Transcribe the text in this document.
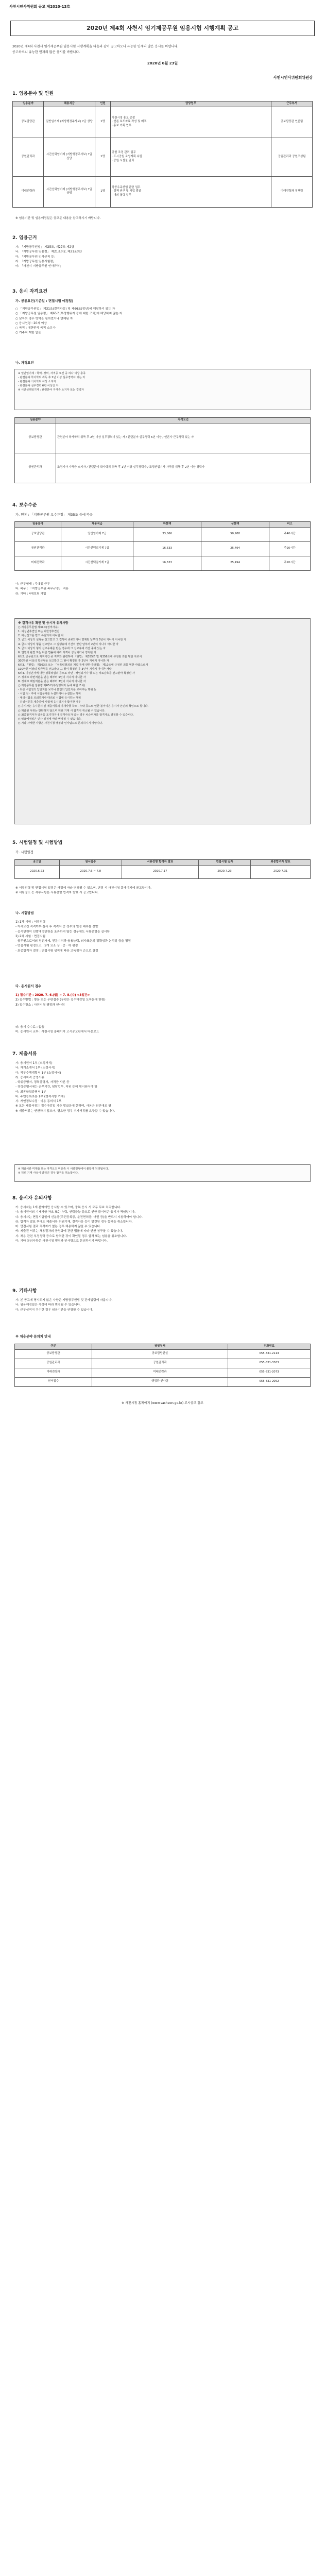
사천시인사위원회 공고 제2020-13호
2020년 제4회 사천시 임기제공무원 임용시험 시행계획 공고
2020년 제4회 사천시 임기제공무원 임용시험 시행계획을 다음과 같이 공고하오니 유능한 인재의 많은 응시를 바랍니다.
공고하오니 유능한 인재의 많은 응시를 바랍니다.
2020년 6월 23일
사천시인사위원회위원장
1. 임용분야 및 인원
임용분야	채용직급	인원	담당업무	근무부서
공보담당관	일반임기제 (지방행정주사보) 7급 상당	1명	사천시정 홍보 총괄
· 언론 보도자료 작성 및 배포
· 홍보 기획 업무	공보담당관 언론팀
공원관리과	시간선택임기제 (지방행정주사보) 7급 상당	1명	공원 조경 관리 업무
· 도시공원 조성계획 수립
· 공원 시설물 관리	공원관리과 공원조성팀
미래전략과	시간선택임기제 (지방행정주사보) 7급 상당	1명	항공우주산업 관련 업무
· 정책 연구 및 사업 발굴
· 대외 협력 업무	미래전략과 정책팀
※ 임용기간 및 임용예정일은 공고문 내용을 참고하시기 바랍니다.
2. 임용근거
가. 「지방공무원법」 제25조, 제27조 제2항
나. 「지방공무원 임용령」 제21조의2, 제21조의3
다. 「지방공무원 인사규칙 등」
라. 「지방공무원 임용시험령」
마. 「사천시 지방공무원 인사규칙」
3. 응시 자격요건
가. 공통요건(기준일 : 면접시험 예정일)
○ 「지방공무원법」 제31조(결격사유) 및 제66조(정년)에 해당하지 않는 자
○ 「지방공무원 임용령」 제65조(부정행위자 등에 대한 조치)에 해당하지 않는 자
○ 남자의 경우 병역을 필하였거나 면제된 자
○ 응시연령 : 20세 이상
○ 국적 : 대한민국 국적 소유자
○ 거주지 제한 없음
나. 자격요건
※ 일반임기제 : 학력, 경력, 자격증 요건 중 하나 이상 충족
- 관련분야 학사학위 취득 후 2년 이상 실무경력이 있는 자
- 관련분야 석사학위 이상 소지자
- 관련분야 실무경력 6년 이상인 자
※ 시간선택임기제 : 관련분야 자격증 소지자 또는 경력자
임용분야	자격요건
공보담당관	관련분야 학사학위 취득 후 2년 이상 실무경력이 있는 자 / 관련분야 실무경력 6년 이상 / 언론사 근무경력 있는 자
공원관리과	조경기사 자격증 소지자 / 관련분야 학사학위 취득 후 1년 이상 실무경력자 / 조경산업기사 자격증 취득 후 2년 이상 경력자
4. 보수수준
가. 연봉 : 「지방공무원 보수규정」 제35조 등에 따름
임용분야	채용직급	하한액	상한액	비고
공보담당관	일반임기제 7급	33,066	50,988	주40시간
공원관리과	시간선택임기제 7급	16,533	25,494	주20시간
미래전략과	시간선택임기제 7급	16,533	25,494	주20시간
나. 근무형태 : 주 5일 근무
다. 복무 : 「지방공무원 복무규정」 적용
라. 기타 : 4대보험 가입
※ 결격사유 확인 및 응시자 유의사항
○ 지방공무원법 제31조(결격사유)
1. 피성년후견인 또는 피한정후견인
2. 파산선고를 받고 복권되지 아니한 자
3. 금고 이상의 실형을 선고받고 그 집행이 종료되거나 면제된 날부터 5년이 지나지 아니한 자
4. 금고 이상의 형을 선고받고 그 집행유예 기간이 끝난 날부터 2년이 지나지 아니한 자
5. 금고 이상의 형의 선고유예를 받은 경우에 그 선고유예 기간 중에 있는 자
6. 법원의 판결 또는 다른 법률에 따라 자격이 상실되거나 정지된 자
6의2. 공무원으로 재직기간 중 직무와 관련하여 「형법」 제355조 및 제356조에 규정된 죄를 범한 자로서
300만원 이상의 벌금형을 선고받고 그 형이 확정된 후 2년이 지나지 아니한 자
6의3. 「형법」 제303조 또는 「성폭력범죄의 처벌 등에 관한 특례법」 제10조에 규정된 죄를 범한 사람으로서
100만원 이상의 벌금형을 선고받고 그 형이 확정된 후 3년이 지나지 아니한 사람
6의4. 미성년자에 대한 성폭력범죄 등으로 파면 · 해임되거나 형 또는 치료감호를 선고받아 확정된 자
7. 징계로 파면처분을 받은 때부터 5년이 지나지 아니한 자
8. 징계로 해임처분을 받은 때부터 3년이 지나지 아니한 자
○ 지방공무원 임용령 제65조(부정행위자 등에 대한 조치)
- 다른 수험생의 답안지를 보거나 본인의 답안지를 보여주는 행위 등
- 시험 전 · 후에 시험문제를 누설하거나 누설받는 행위
- 대리시험을 의뢰하거나 대리로 시험에 응시하는 행위
- 허위서류를 제출하여 시험에 응시하거나 합격한 경우
○ 응시자는 응시원서 및 제출서류의 기재사항 착오 · 누락 등으로 인한 불이익은 응시자 본인의 책임으로 합니다.
○ 제출된 서류는 반환하지 않으며 허위 기재 시 합격이 취소될 수 있습니다.
○ 최종합격자가 임용을 포기하거나 결격사유가 있는 경우 차순위자를 합격자로 결정할 수 있습니다.
○ 임용예정일은 인사 일정에 따라 변경될 수 있습니다.
○ 기타 자세한 사항은 사천시청 행정과 인사팀으로 문의하시기 바랍니다.
5. 시험일정 및 시험방법
가. 시험일정
공고일	원서접수	서류전형 합격자 발표	면접시험 일자	최종합격자 발표
2020.6.23	2020.7.6 ~ 7.8	2020.7.17	2020.7.23	2020.7.31
※ 서류전형 및 면접시험 일정은 사정에 따라 변경될 수 있으며, 변경 시 사천시청 홈페이지에 공고합니다.
※ 시험장소 등 세부사항은 서류전형 합격자 발표 시 공고합니다.
나. 시험방법
1) 1차 시험 : 서류전형
- 자격요건 적격여부 심사 후 적격자 중 정수의 일정 배수를 선발
- 응시인원이 선발예정인원을 초과하지 않는 경우에도 서류전형을 실시함
2) 2차 시험 : 면접시험
- 공무원으로서의 정신자세, 전문지식과 응용능력, 의사표현의 정확성과 논리성 등을 평정
- 면접시험 평정요소 : 5개 요소 상 · 중 · 하 평정
- 최종합격자 결정 : 면접시험 성적에 따라 고득점자 순으로 결정
다. 응시원서 접수
1) 접수기간 : 2020. 7. 6.(월) ~ 7. 8.(수) <3일간>
2) 접수방법 : 방문 또는 우편접수 (우편은 접수마감일 도착분에 한함)
3) 접수장소 : 사천시청 행정과 인사팀
라. 응시 수수료 : 없음
마. 응시원서 교부 : 사천시청 홈페이지 고시공고란에서 다운로드
7. 제출서류
가. 응시원서 1부 (소정서식)
나. 자기소개서 1부 (소정서식)
다. 직무수행계획서 1부 (소정서식)
라. 응시자격 증명서류
- 학위증명서, 경력증명서, 자격증 사본 등
- 경력증명서에는 근무기간, 담당업무, 직위 등이 명시되어야 함
마. 최종학력증명서 1부
바. 주민등록초본 1부 (병적사항 기재)
사. 개인정보수집 · 이용 동의서 1부
※ 모든 제출서류는 접수마감일 기준 발급분에 한하며, 사본은 원본대조 필
※ 제출서류는 반환하지 않으며, 필요한 경우 추가서류를 요구할 수 있습니다.
※ 제출서류 미제출 또는 자격요건 미충족 시 서류전형에서 불합격 처리됩니다.
※ 허위 기재 사실이 밝혀진 경우 합격을 취소합니다.
8. 응시자 유의사항
가. 응시자는 1개 분야에만 응시할 수 있으며, 중복 응시 시 모두 무효 처리합니다.
나. 응시원서의 기재사항 착오 또는 누락, 연락불능 등으로 인한 불이익은 응시자 책임입니다.
다. 응시자는 면접시험일에 신분증(주민등록증, 운전면허증, 여권 등)을 반드시 지참하여야 합니다.
라. 합격자 발표 후에도 제출서류 허위기재, 결격사유 등이 발견된 경우 합격을 취소합니다.
마. 면접시험 결과 적격자가 없는 경우 채용하지 않을 수 있습니다.
바. 제출된 서류는 채용절차의 공정화에 관한 법률에 따라 반환 청구할 수 있습니다.
사. 채용 관련 부정청탁 등으로 합격한 것이 확인될 경우 합격 또는 임용을 취소합니다.
아. 기타 문의사항은 사천시청 행정과 인사팀으로 문의하시기 바랍니다.
9. 기타사항
가. 본 공고에 명시되지 않은 사항은 지방공무원법 및 관계법령에 따릅니다.
나. 임용예정일은 사정에 따라 변경될 수 있습니다.
다. 근무성적이 우수한 경우 임용기간을 연장할 수 있습니다.
※ 채용분야 문의처 안내
구분	담당부서	전화번호
공보담당관	공보담당관실	055-831-2113
공원관리과	공원관리과	055-831-3363
미래전략과	미래전략과	055-831-2073
원서접수	행정과 인사팀	055-831-2052
※ 사천시청 홈페이지 (www.sacheon.go.kr) 고시공고 참조
